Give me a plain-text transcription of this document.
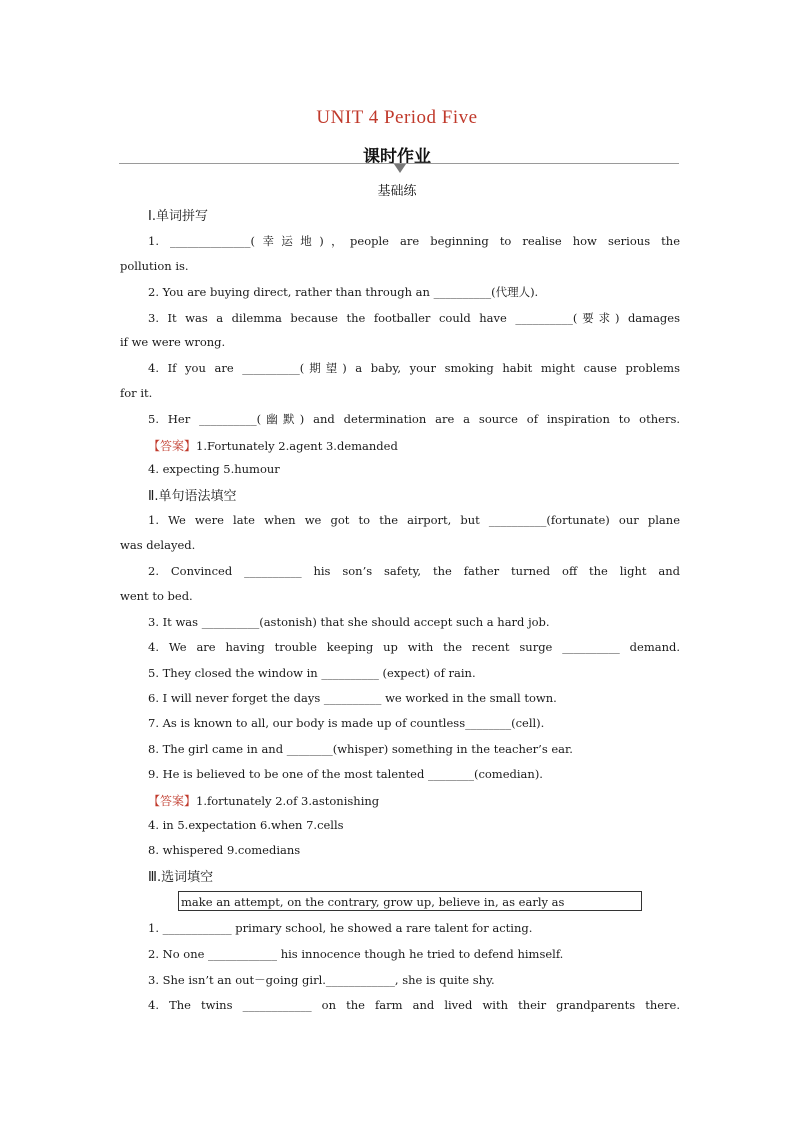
UNIT 4 Period Five
课时作业
基础练
Ⅰ.单词拼写
1. ______________(幸运地)，people are beginning to realise how serious the
pollution is.
2. You are buying direct, rather than through an __________(代理人).
3. It was a dilemma because the footballer could have __________(要求) damages
if we were wrong.
4. If you are __________(期望) a baby, your smoking habit might cause problems
for it.
5. Her __________(幽默) and determination are a source of inspiration to others.
【答案】1.Fortunately 2.agent 3.demanded
4. expecting 5.humour
Ⅱ.单句语法填空
1. We were late when we got to the airport, but __________(fortunate) our plane
was delayed.
2. Convinced __________ his son’s safety, the father turned off the light and
went to bed.
3. It was __________(astonish) that she should accept such a hard job.
4. We are having trouble keeping up with the recent surge __________ demand.
5. They closed the window in __________ (expect) of rain.
6. I will never forget the days __________ we worked in the small town.
7. As is known to all, our body is made up of countless________(cell).
8. The girl came in and ________(whisper) something in the teacher’s ear.
9. He is believed to be one of the most talented ________(comedian).
【答案】1.fortunately 2.of 3.astonishing
4. in 5.expectation 6.when 7.cells
8. whispered 9.comedians
Ⅲ.选词填空
make an attempt, on the contrary, grow up, believe in, as early as
1. ____________ primary school, he showed a rare talent for acting.
2. No one ____________ his innocence though he tried to defend himself.
3. She isn’t an out－going girl.____________, she is quite shy.
4. The twins ____________ on the farm and lived with their grandparents there.
